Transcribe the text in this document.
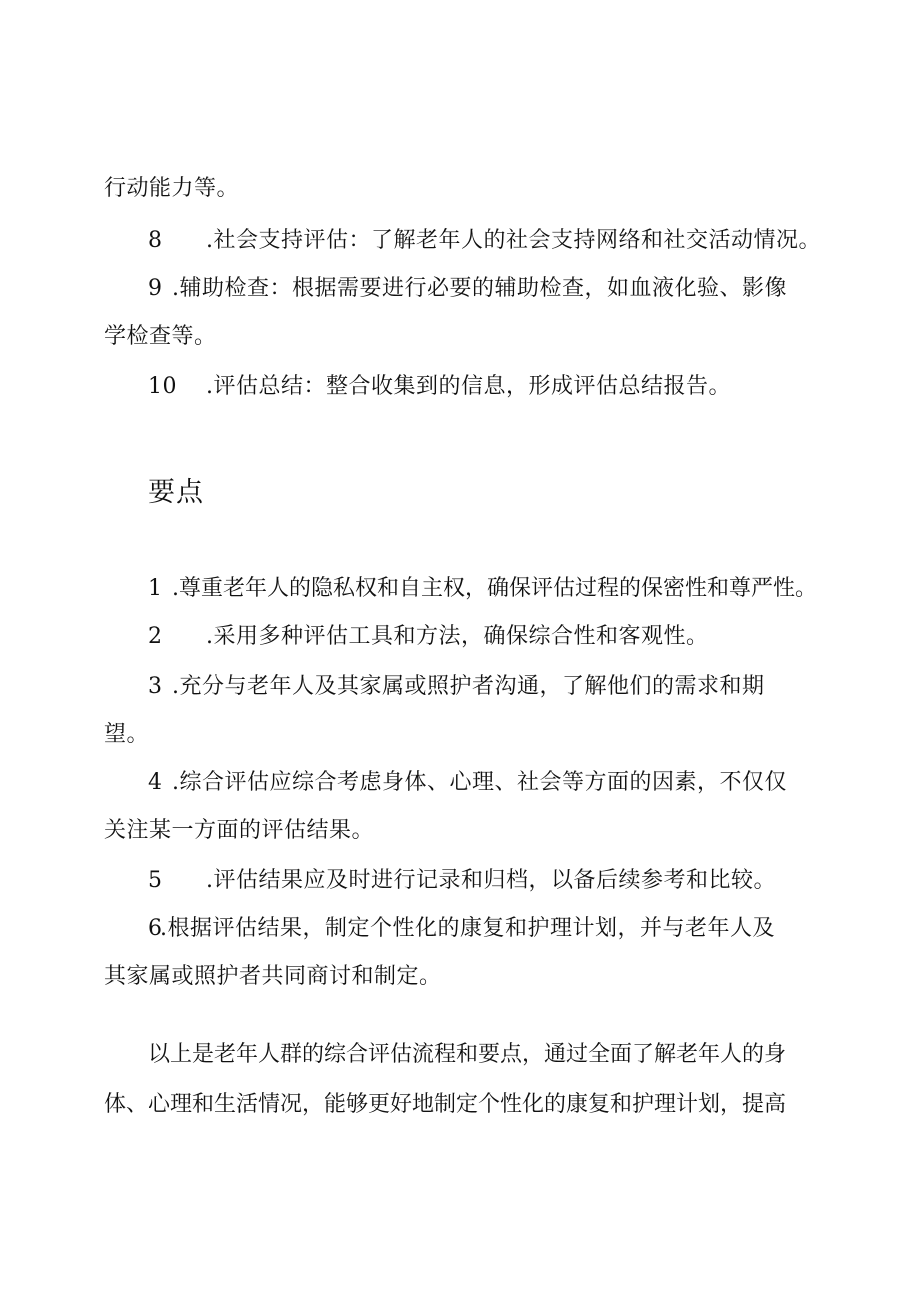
行动能力等。
8 .社会支持评估：了解老年人的社会支持网络和社交活动情况。
9 .辅助检查：根据需要进行必要的辅助检查，如血液化验、影像
学检查等。
10 .评估总结：整合收集到的信息，形成评估总结报告。
要点
1 .尊重老年人的隐私权和自主权，确保评估过程的保密性和尊严性。
2 .采用多种评估工具和方法，确保综合性和客观性。
3 .充分与老年人及其家属或照护者沟通，了解他们的需求和期
望。
4 .综合评估应综合考虑身体、心理、社会等方面的因素，不仅仅
关注某一方面的评估结果。
5 .评估结果应及时进行记录和归档，以备后续参考和比较。
6.根据评估结果，制定个性化的康复和护理计划，并与老年人及
其家属或照护者共同商讨和制定。
以上是老年人群的综合评估流程和要点，通过全面了解老年人的身
体、心理和生活情况，能够更好地制定个性化的康复和护理计划，提高
